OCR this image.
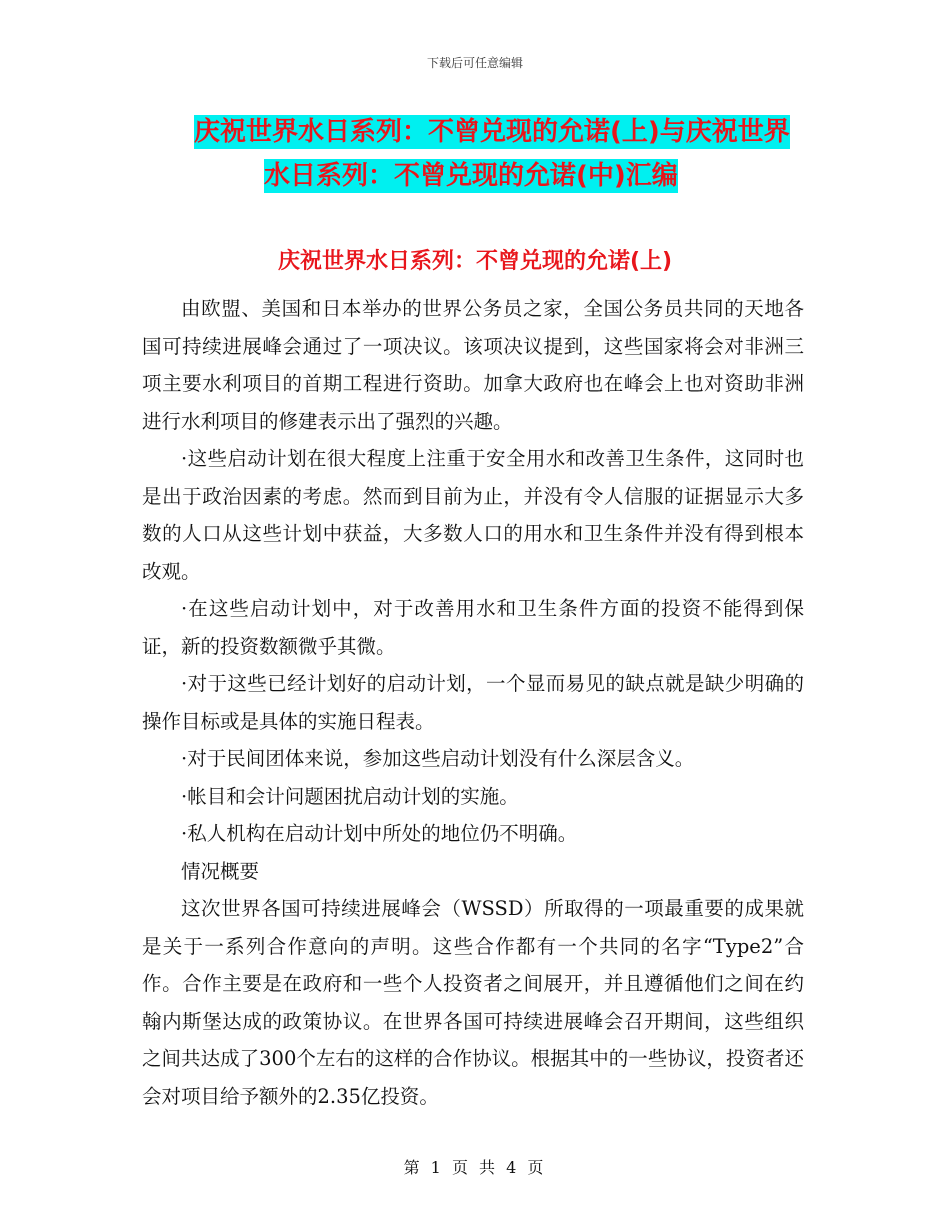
下载后可任意编辑
庆祝世界水日系列：不曾兑现的允诺(上)与庆祝世界
水日系列：不曾兑现的允诺(中)汇编
庆祝世界水日系列：不曾兑现的允诺(上)

由欧盟、美国和日本举办的世界公务员之家，全国公务员共同的天地各国可持续进展峰会通过了一项决议。该项决议提到，这些国家将会对非洲三项主要水利项目的首期工程进行资助。加拿大政府也在峰会上也对资助非洲进行水利项目的修建表示出了强烈的兴趣。

·这些启动计划在很大程度上注重于安全用水和改善卫生条件，这同时也是出于政治因素的考虑。然而到目前为止，并没有令人信服的证据显示大多数的人口从这些计划中获益，大多数人口的用水和卫生条件并没有得到根本改观。

·在这些启动计划中，对于改善用水和卫生条件方面的投资不能得到保证，新的投资数额微乎其微。

·对于这些已经计划好的启动计划，一个显而易见的缺点就是缺少明确的操作目标或是具体的实施日程表。

·对于民间团体来说，参加这些启动计划没有什么深层含义。

·帐目和会计问题困扰启动计划的实施。

·私人机构在启动计划中所处的地位仍不明确。

情况概要

这次世界各国可持续进展峰会（WSSD）所取得的一项最重要的成果就是关于一系列合作意向的声明。这些合作都有一个共同的名字“Type2”合作。合作主要是在政府和一些个人投资者之间展开，并且遵循他们之间在约翰内斯堡达成的政策协议。在世界各国可持续进展峰会召开期间，这些组织之间共达成了300个左右的这样的合作协议。根据其中的一些协议，投资者还会对项目给予额外的2.35亿投资。

第 1 页 共 4 页
